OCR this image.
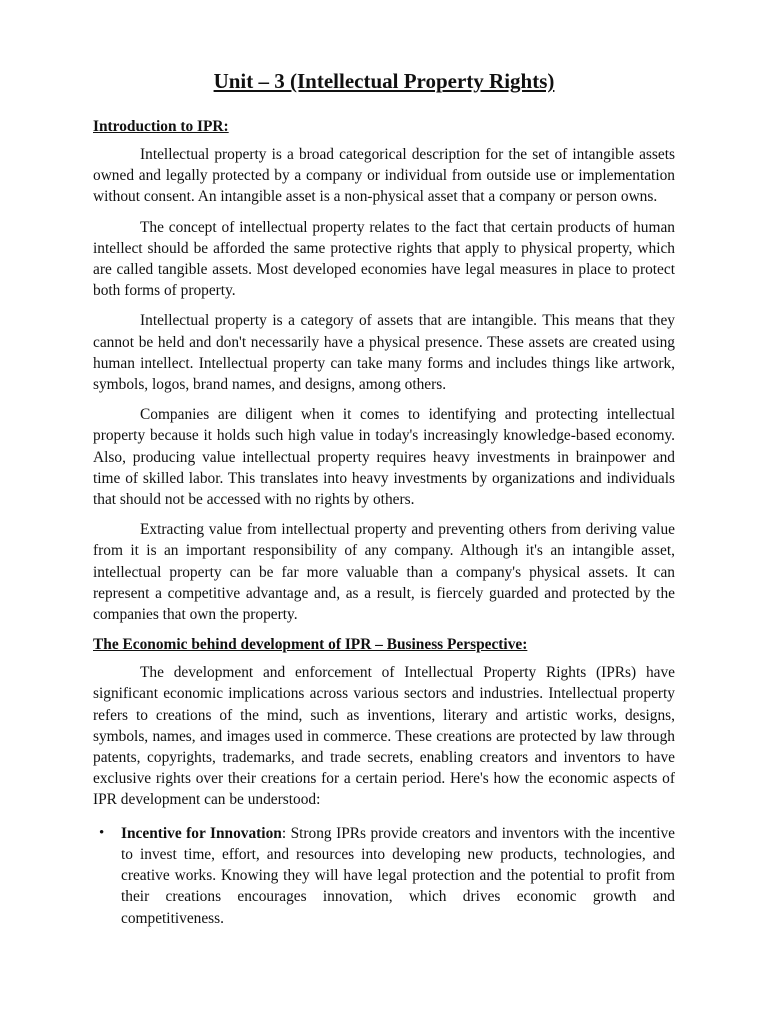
Unit – 3 (Intellectual Property Rights)
Introduction to IPR:

Intellectual property is a broad categorical description for the set of intangible assets owned and legally protected by a company or individual from outside use or implementation without consent. An intangible asset is a non-physical asset that a company or person owns.

The concept of intellectual property relates to the fact that certain products of human intellect should be afforded the same protective rights that apply to physical property, which are called tangible assets. Most developed economies have legal measures in place to protect both forms of property.

Intellectual property is a category of assets that are intangible. This means that they cannot be held and don't necessarily have a physical presence. These assets are created using human intellect. Intellectual property can take many forms and includes things like artwork, symbols, logos, brand names, and designs, among others.

Companies are diligent when it comes to identifying and protecting intellectual property because it holds such high value in today's increasingly knowledge-based economy. Also, producing value intellectual property requires heavy investments in brainpower and time of skilled labor. This translates into heavy investments by organizations and individuals that should not be accessed with no rights by others.

Extracting value from intellectual property and preventing others from deriving value from it is an important responsibility of any company. Although it's an intangible asset, intellectual property can be far more valuable than a company's physical assets. It can represent a competitive advantage and, as a result, is fiercely guarded and protected by the companies that own the property.

The Economic behind development of IPR – Business Perspective:

The development and enforcement of Intellectual Property Rights (IPRs) have significant economic implications across various sectors and industries. Intellectual property refers to creations of the mind, such as inventions, literary and artistic works, designs, symbols, names, and images used in commerce. These creations are protected by law through patents, copyrights, trademarks, and trade secrets, enabling creators and inventors to have exclusive rights over their creations for a certain period. Here's how the economic aspects of IPR development can be understood:

• Incentive for Innovation: Strong IPRs provide creators and inventors with the incentive to invest time, effort, and resources into developing new products, technologies, and creative works. Knowing they will have legal protection and the potential to profit from their creations encourages innovation, which drives economic growth and competitiveness.
